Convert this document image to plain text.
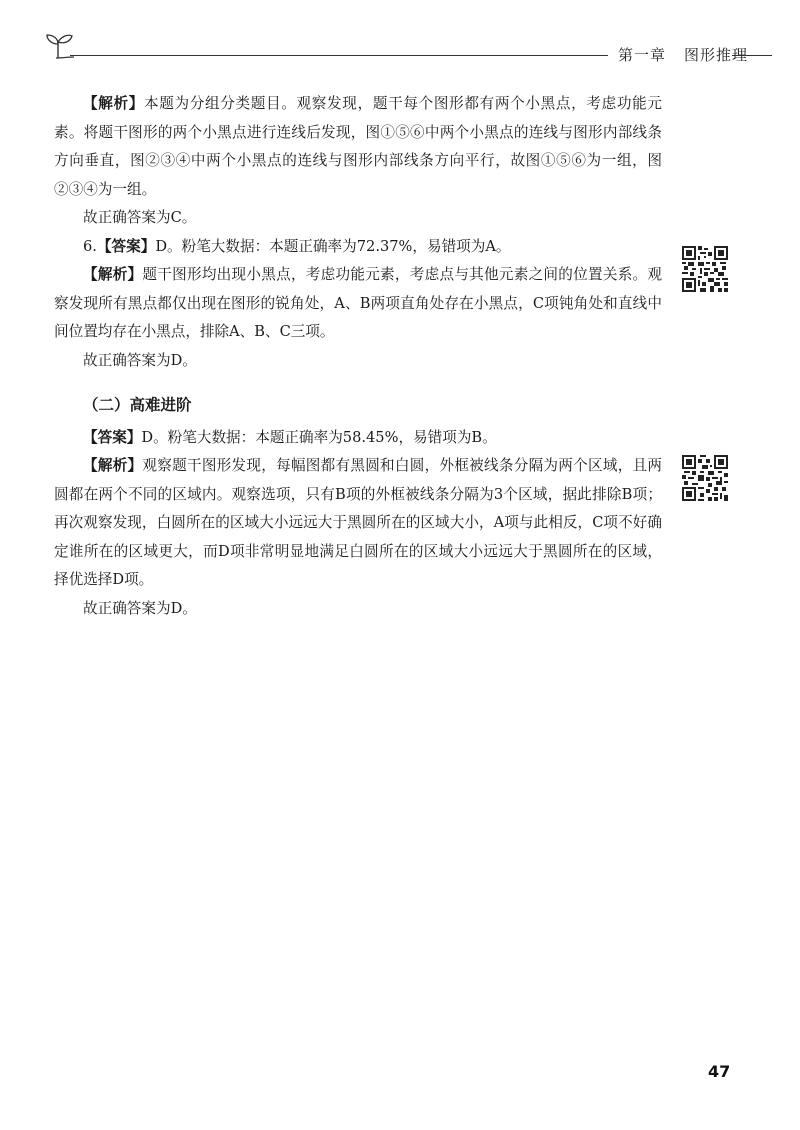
第一章 图形推理

【解析】本题为分组分类题目。观察发现，题干每个图形都有两个小黑点，考虑功能元素。将题干图形的两个小黑点进行连线后发现，图①⑤⑥中两个小黑点的连线与图形内部线条方向垂直，图②③④中两个小黑点的连线与图形内部线条方向平行，故图①⑤⑥为一组，图②③④为一组。

故正确答案为C。

6.【答案】D。粉笔大数据：本题正确率为72.37%，易错项为A。

【解析】题干图形均出现小黑点，考虑功能元素，考虑点与其他元素之间的位置关系。观察发现所有黑点都仅出现在图形的锐角处，A、B两项直角处存在小黑点，C项钝角处和直线中间位置均存在小黑点，排除A、B、C三项。

故正确答案为D。

（二）高难进阶

【答案】D。粉笔大数据：本题正确率为58.45%，易错项为B。

【解析】观察题干图形发现，每幅图都有黑圆和白圆，外框被线条分隔为两个区域，且两圆都在两个不同的区域内。观察选项，只有B项的外框被线条分隔为3个区域，据此排除B项；再次观察发现，白圆所在的区域大小远远大于黑圆所在的区域大小，A项与此相反，C项不好确定谁所在的区域更大，而D项非常明显地满足白圆所在的区域大小远远大于黑圆所在的区域，择优选择D项。

故正确答案为D。

47
